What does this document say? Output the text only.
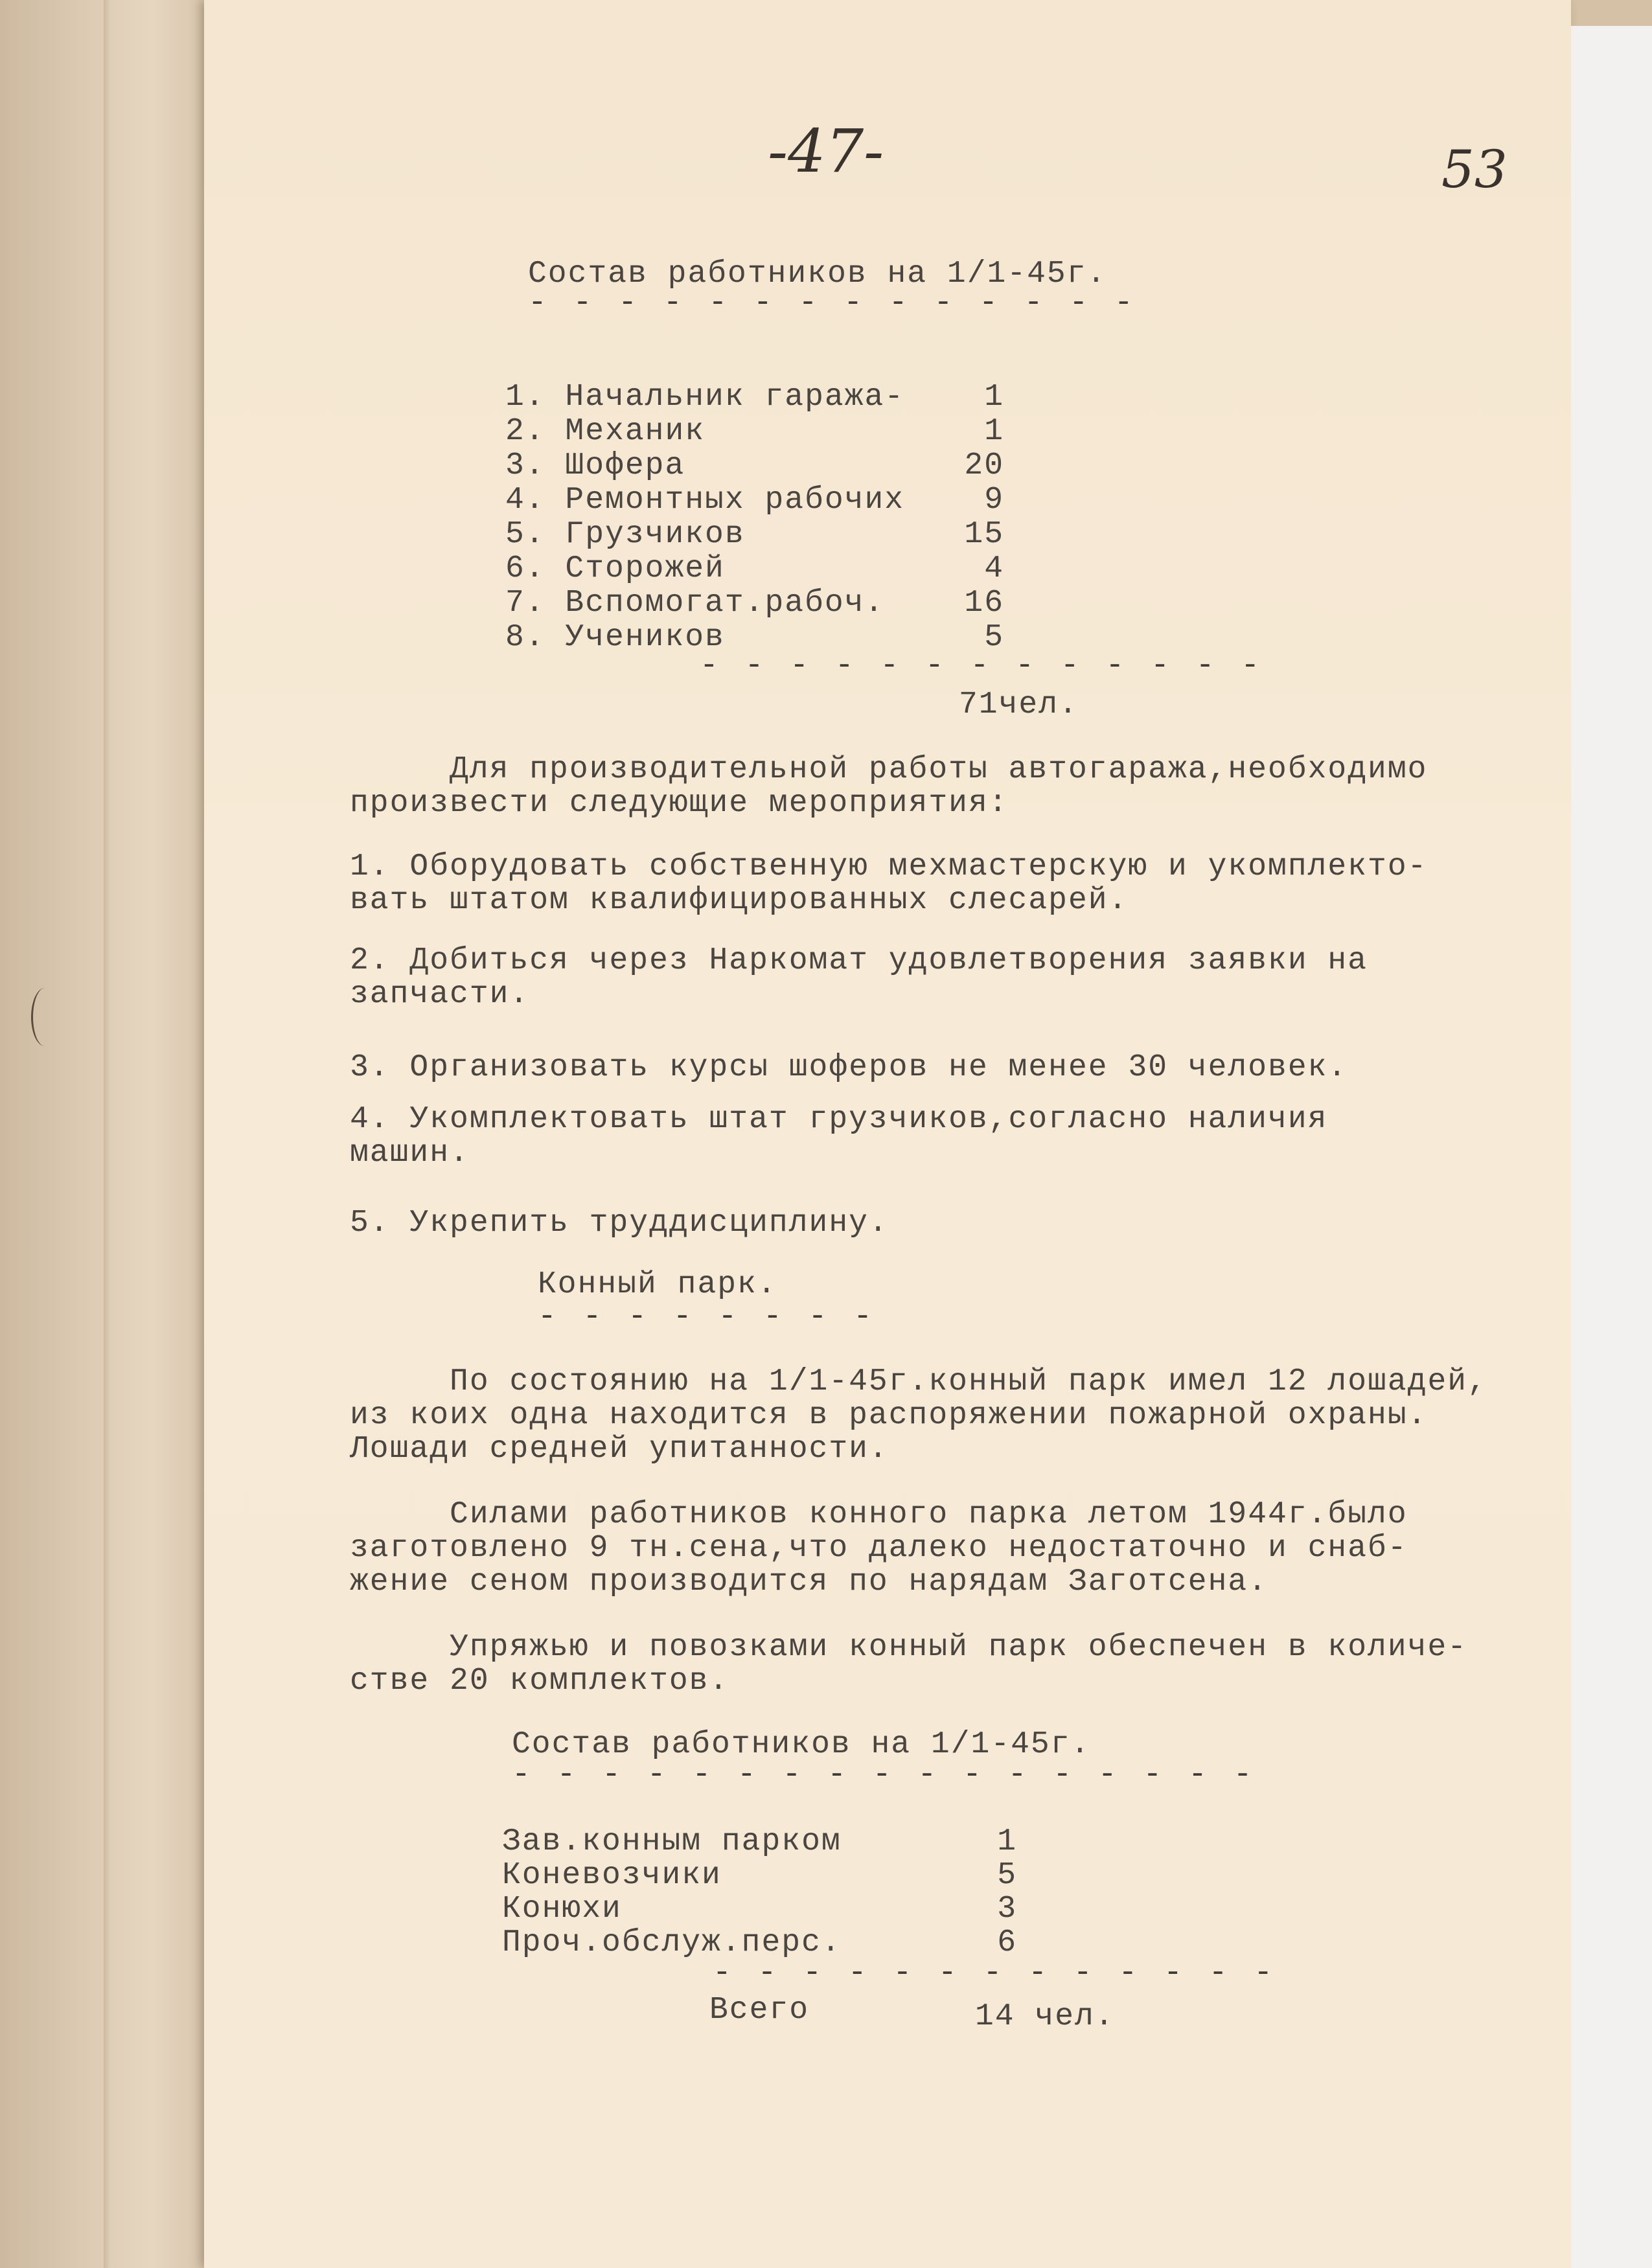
-47-	53
Состав работников на 1/1-45г.
- - - - - - - - - - - - - -
1. Начальник гаража-	1
2. Механик	1
3. Шофера	20
4. Ремонтных рабочих	9
5. Грузчиков	15
6. Сторожей	4
7. Вспомогат.рабоч.	16
8. Учеников	5
- - - - - - - - - - - - -
71чел.
Для производительной работы автогаража,необходимо
произвести следующие мероприятия:
1. Оборудовать собственную мехмастерскую и укомплекто-
вать штатом квалифицированных слесарей.
2. Добиться через Наркомат удовлетворения заявки на
запчасти.
3. Организовать курсы шоферов не менее 30 человек.
4. Укомплектовать штат грузчиков,согласно наличия
машин.
5. Укрепить труддисциплину.
Конный парк.
- - - - - - - -
По состоянию на 1/1-45г.конный парк имел 12 лошадей,
из коих одна находится в распоряжении пожарной охраны.
Лошади средней упитанности.
Силами работников конного парка летом 1944г.было
заготовлено 9 тн.сена,что далеко недостаточно и снаб-
жение сеном производится по нарядам Заготсена.
Упряжью и повозками конный парк обеспечен в количе-
стве 20 комплектов.
Состав работников на 1/1-45г.
- - - - - - - - - - - - - - - - -
Зав.конным парком	1
Коневозчики	5
Конюхи	3
Проч.обслуж.перс.	6
- - - - - - - - - - - - -
Всего	14 чел.
